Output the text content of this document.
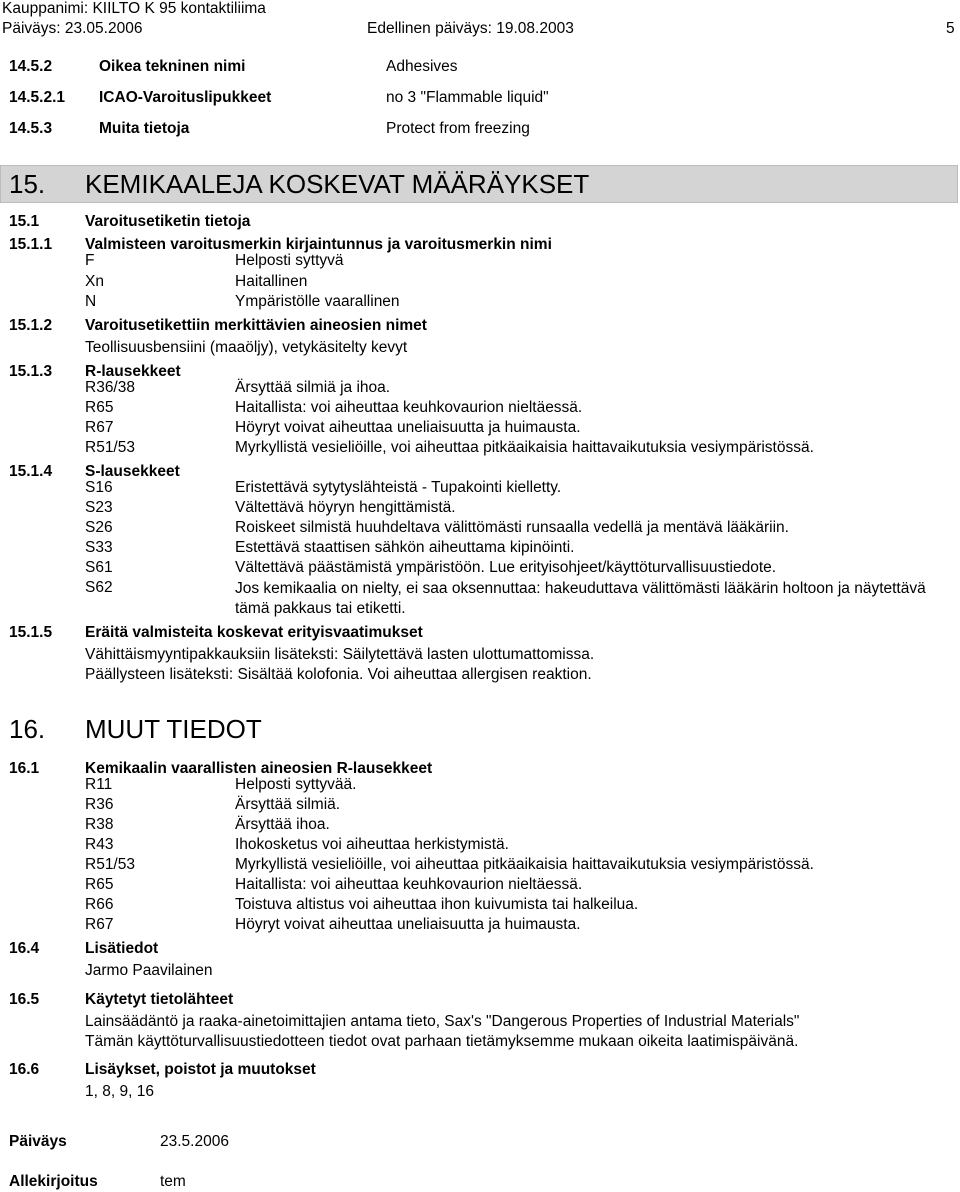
Kauppanimi: KIILTO K 95 kontaktiliima
Päiväys: 23.05.2006	Edellinen päiväys: 19.08.2003	5
14.5.2	Oikea tekninen nimi	Adhesives
14.5.2.1 ICAO-Varoituslipukkeet	no 3 "Flammable liquid"
14.5.3	Muita tietoja	Protect from freezing
15. KEMIKAALEJA KOSKEVAT MÄÄRÄYKSET
15.1	Varoitusetiketin tietoja
15.1.1 Valmisteen varoitusmerkin kirjaintunnus ja varoitusmerkin nimi
F	Helposti syttyvä
Xn	Haitallinen
N	Ympäristölle vaarallinen
15.1.2 Varoitusetikettiin merkittävien aineosien nimet
Teollisuusbensiini (maaöljy), vetykäsitelty kevyt
15.1.3 R-lausekkeet
R36/38	Ärsyttää silmiä ja ihoa.
R65	Haitallista: voi aiheuttaa keuhkovaurion nieltäessä.
R67	Höyryt voivat aiheuttaa uneliaisuutta ja huimausta.
R51/53	Myrkyllistä vesieliöille, voi aiheuttaa pitkäaikaisia haittavaikutuksia vesiympäristössä.
15.1.4 S-lausekkeet
S16	Eristettävä sytytyslähteistä - Tupakointi kielletty.
S23	Vältettävä höyryn hengittämistä.
S26	Roiskeet silmistä huuhdeltava välittömästi runsaalla vedellä ja mentävä lääkäriin.
S33	Estettävä staattisen sähkön aiheuttama kipinöinti.
S61	Vältettävä päästämistä ympäristöön. Lue erityisohjeet/käyttöturvallisuustiedote.
S62	Jos kemikaalia on nielty, ei saa oksennuttaa: hakeuduttava välittömästi lääkärin holtoon ja näytettävä tämä pakkaus tai etiketti.
15.1.5 Eräitä valmisteita koskevat erityisvaatimukset
Vähittäismyyntipakkauksiin lisäteksti: Säilytettävä lasten ulottumattomissa.
Päällysteen lisäteksti: Sisältää kolofonia. Voi aiheuttaa allergisen reaktion.
16. MUUT TIEDOT
16.1	Kemikaalin vaarallisten aineosien R-lausekkeet
R11	Helposti syttyvää.
R36	Ärsyttää silmiä.
R38	Ärsyttää ihoa.
R43	Ihokosketus voi aiheuttaa herkistymistä.
R51/53	Myrkyllistä vesieliöille, voi aiheuttaa pitkäaikaisia haittavaikutuksia vesiympäristössä.
R65	Haitallista: voi aiheuttaa keuhkovaurion nieltäessä.
R66	Toistuva altistus voi aiheuttaa ihon kuivumista tai halkeilua.
R67	Höyryt voivat aiheuttaa uneliaisuutta ja huimausta.
16.4	Lisätiedot
Jarmo Paavilainen
16.5	Käytetyt tietolähteet
Lainsäädäntö ja raaka-ainetoimittajien antama tieto, Sax's "Dangerous Properties of Industrial Materials"
Tämän käyttöturvallisuustiedotteen tiedot ovat parhaan tietämyksemme mukaan oikeita laatimispäivänä.
16.6	Lisäykset, poistot ja muutokset
1, 8, 9, 16
Päiväys	23.5.2006
Allekirjoitus	tem
